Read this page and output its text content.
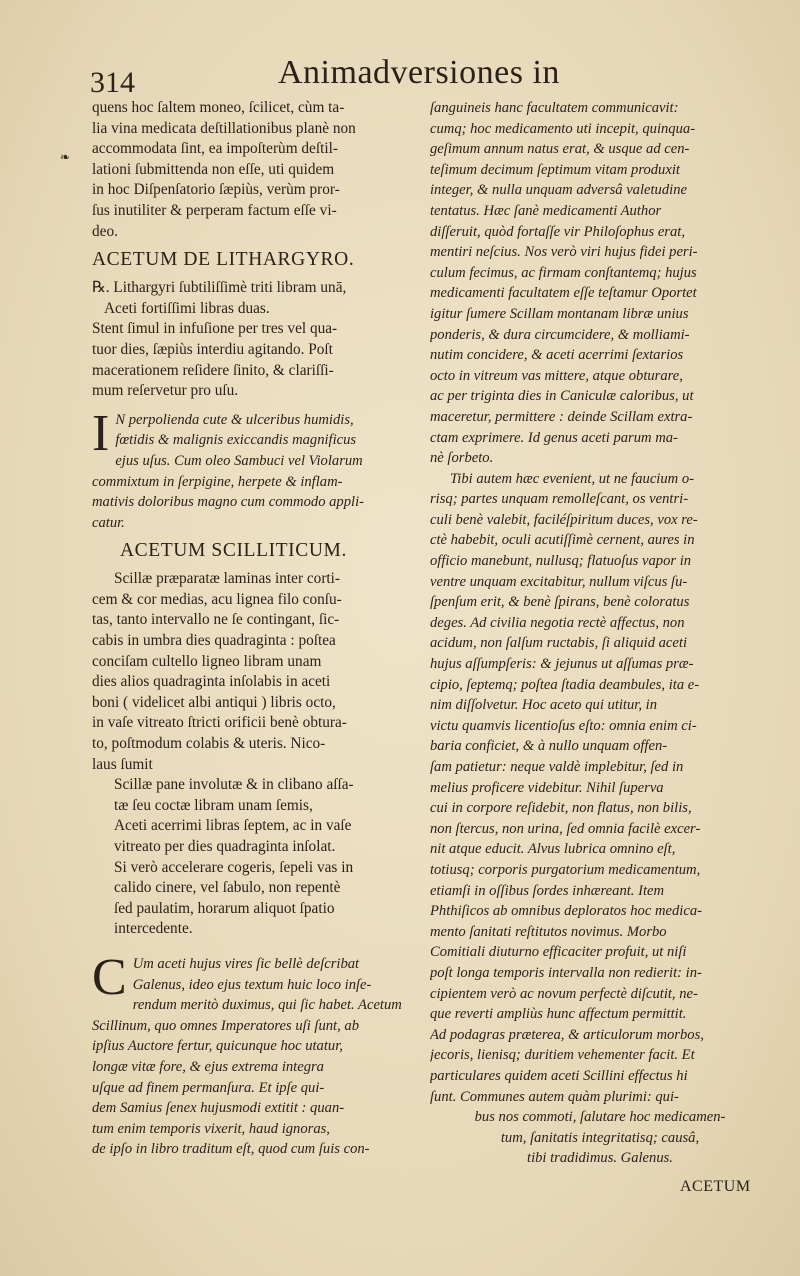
314	Animadversiones in
❧
quens hoc ſaltem moneo, ſcilicet, cùm ta-
lia vina medicata deſtillationibus planè non
accommodata ſint, ea impoſterùm deſtil-
lationi ſubmittenda non eſſe, uti quidem
in hoc Diſpenſatorio ſæpiùs, verùm pror-
ſus inutiliter & perperam factum eſſe vi-
deo.
ACETUM DE LITHARGYRO.
℞. Lithargyri ſubtiliſſimè triti libram unā,
Aceti fortiſſimi libras duas.
Stent ſimul in infuſione per tres vel qua-
tuor dies, ſæpiùs interdiu agitando. Poſt
macerationem reſidere ſinito, & clariſſi-
mum reſervetur pro uſu.
I N perpolienda cute & ulceribus humidis,
fœtidis & malignis exiccandis magnificus
ejus uſus. Cum oleo Sambuci vel Violarum
commixtum in ſerpigine, herpete & inflam-
mativis doloribus magno cum commodo appli-
catur.
ACETUM SCILLITICUM.
Scillæ præparatæ laminas inter corti-
cem & cor medias, acu lignea filo conſu-
tas, tanto intervallo ne ſe contingant, ſic-
cabis in umbra dies quadraginta : poſtea
conciſam cultello ligneo libram unam
dies alios quadraginta inſolabis in aceti
boni ( videlicet albi antiqui ) libris octo,
in vaſe vitreato ſtricti orificii benè obtura-
to, poſtmodum colabis & uteris. Nico-
laus ſumit
Scillæ pane involutæ & in clibano aſſa-
tæ ſeu coctæ libram unam ſemis,
Aceti acerrimi libras ſeptem, ac in vaſe
vitreato per dies quadraginta inſolat.
Si verò accelerare cogeris, ſepeli vas in
calido cinere, vel ſabulo, non repentè
ſed paulatim, horarum aliquot ſpatio
intercedente.
C Um aceti hujus vires ſic bellè deſcribat
Galenus, ideo ejus textum huic loco inſe-
rendum meritò duximus, qui ſic habet. Acetum
Scillinum, quo omnes Imperatores uſi ſunt, ab
ipſius Auctore fertur, quicunque hoc utatur,
longæ vitæ fore, & ejus extrema integra
uſque ad finem permanſura. Et ipſe qui-
dem Samius ſenex hujusmodi extitit : quan-
tum enim temporis vixerit, haud ignoras,
de ipſo in libro traditum eſt, quod cum ſuis con-
ſanguineis hanc facultatem communicavit:
cumq; hoc medicamento uti incepit, quinqua-
geſimum annum natus erat, & usque ad cen-
teſimum decimum ſeptimum vitam produxit
integer, & nulla unquam adversâ valetudine
tentatus. Hæc ſanè medicamenti Author
diſſeruit, quòd fortaſſe vir Philoſophus erat,
mentiri neſcius. Nos verò viri hujus fidei peri-
culum fecimus, ac firmam conſtantemq; hujus
medicamenti facultatem eſſe teſtamur Oportet
igitur ſumere Scillam montanam libræ unius
ponderis, & dura circumcidere, & molliami-
nutim concidere, & aceti acerrimi ſextarios
octo in vitreum vas mittere, atque obturare,
ac per triginta dies in Caniculæ caloribus, ut
maceretur, permittere : deinde Scillam extra-
ctam exprimere. Id genus aceti parum ma-
nè ſorbeto.
Tibi autem hæc evenient, ut ne faucium o-
risq; partes unquam remolleſcant, os ventri-
culi benè valebit, faciléſpiritum duces, vox re-
ctè habebit, oculi acutiſſimè cernent, aures in
officio manebunt, nullusq; flatuoſus vapor in
ventre unquam excitabitur, nullum viſcus ſu-
ſpenſum erit, & benè ſpirans, benè coloratus
deges. Ad civilia negotia rectè affectus, non
acidum, non ſalſum ructabis, ſi aliquid aceti
hujus aſſumpſeris: & jejunus ut aſſumas præ-
cipio, ſeptemq; poſtea ſtadia deambules, ita e-
nim diſſolvetur. Hoc aceto qui utitur, in
victu quamvis licentioſus eſto: omnia enim ci-
baria conficiet, & à nullo unquam offen-
ſam patietur: neque valdè implebitur, ſed in
melius proficere videbitur. Nihil ſuperva
cui in corpore reſidebit, non flatus, non bilis,
non ſtercus, non urina, ſed omnia facilè excer-
nit atque educit. Alvus lubrica omnino eſt,
totiusq; corporis purgatorium medicamentum,
etiamſi in oſſibus ſordes inhæreant. Item
Phthiſicos ab omnibus deploratos hoc medica-
mento ſanitati reſtitutos novimus. Morbo
Comitiali diuturno efficaciter profuit, ut niſi
poſt longa temporis intervalla non redierit: in-
cipientem verò ac novum perfectè diſcutit, ne-
que reverti ampliùs hunc affectum permittit.
Ad podagras præterea, & articulorum morbos,
jecoris, lienisq; duritiem vehementer facit. Et
particulares quidem aceti Scillini effectus hi
ſunt. Communes autem quàm plurimi: qui-
bus nos commoti, ſalutare hoc medicamen-
tum, ſanitatis integritatisq; causâ,
tibi tradidimus. Galenus.
ACETUM
